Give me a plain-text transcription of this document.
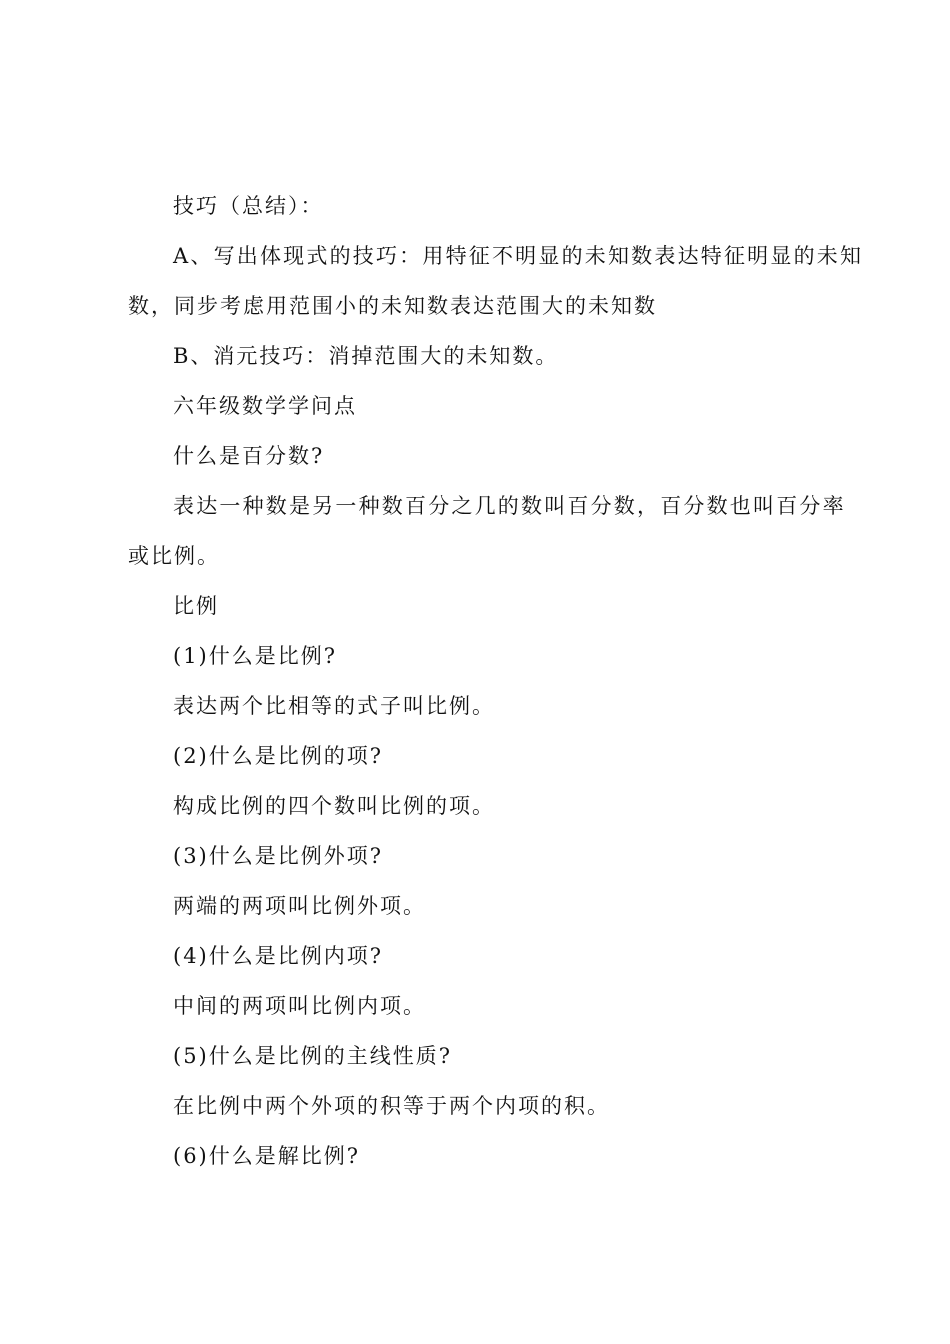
技巧（总结）：
A、写出体现式的技巧：用特征不明显的未知数表达特征明显的未知
数，同步考虑用范围小的未知数表达范围大的未知数
B、消元技巧：消掉范围大的未知数。
六年级数学学问点
什么是百分数?
表达一种数是另一种数百分之几的数叫百分数，百分数也叫百分率
或比例。
比例
(1)什么是比例?
表达两个比相等的式子叫比例。
(2)什么是比例的项?
构成比例的四个数叫比例的项。
(3)什么是比例外项?
两端的两项叫比例外项。
(4)什么是比例内项?
中间的两项叫比例内项。
(5)什么是比例的主线性质?
在比例中两个外项的积等于两个内项的积。
(6)什么是解比例?
